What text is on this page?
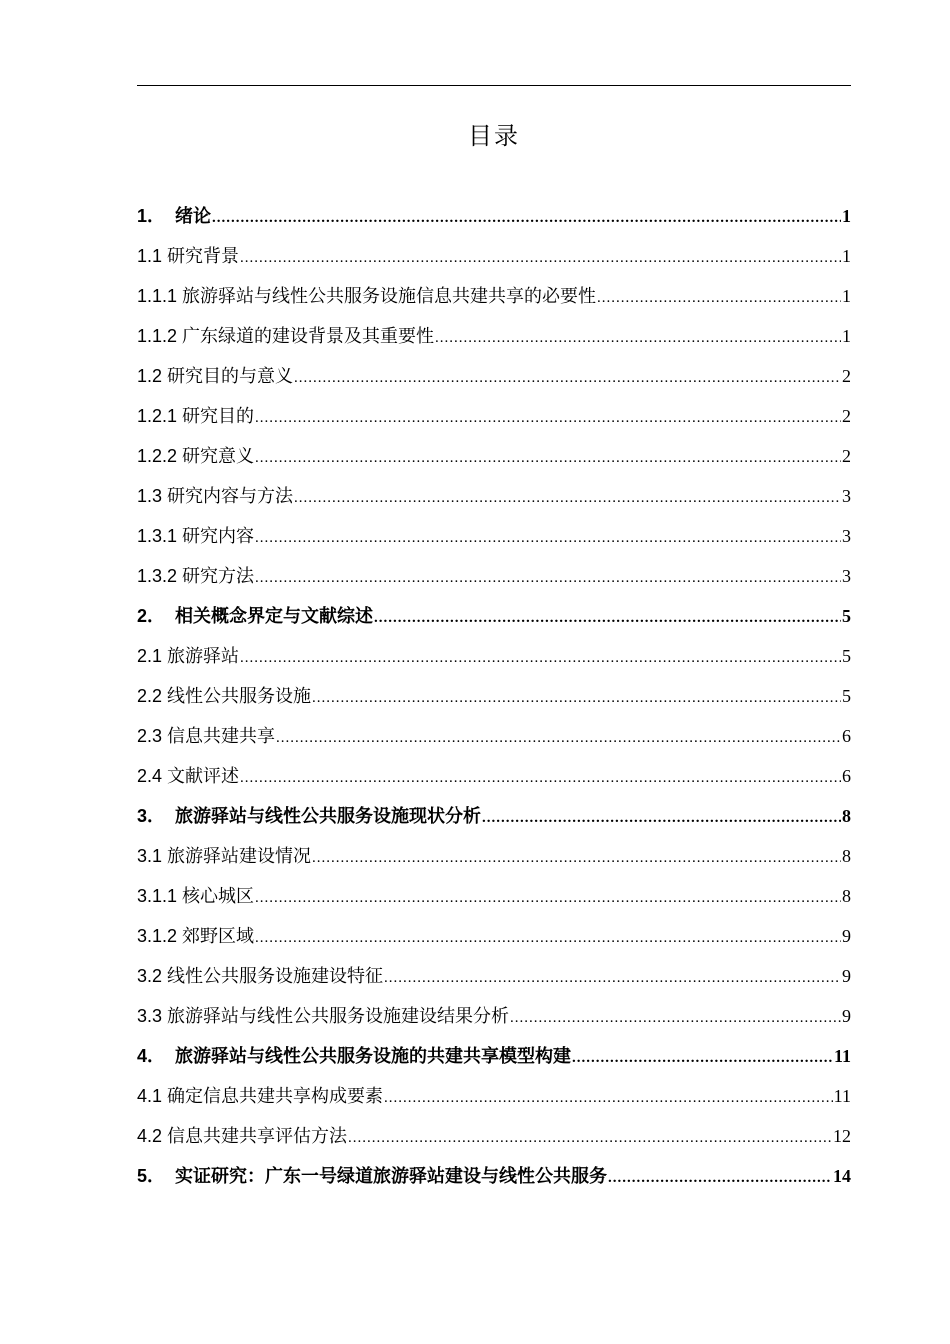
目录
1． 绪论 .....	1
1.1 研究背景 .....	1
1.1.1 旅游驿站与线性公共服务设施信息共建共享的必要性 .....	1
1.1.2 广东绿道的建设背景及其重要性 .....	1
1.2 研究目的与意义 .....	2
1.2.1 研究目的 .....	2
1.2.2 研究意义 .....	2
1.3 研究内容与方法 .....	3
1.3.1 研究内容 .....	3
1.3.2 研究方法 .....	3
2． 相关概念界定与文献综述 .....	5
2.1 旅游驿站 .....	5
2.2 线性公共服务设施 .....	5
2.3 信息共建共享 .....	6
2.4 文献评述 .....	6
3． 旅游驿站与线性公共服务设施现状分析 .....	8
3.1 旅游驿站建设情况 .....	8
3.1.1 核心城区 .....	8
3.1.2 郊野区域 .....	9
3.2 线性公共服务设施建设特征 .....	9
3.3 旅游驿站与线性公共服务设施建设结果分析 .....	9
4． 旅游驿站与线性公共服务设施的共建共享模型构建 .....	11
4.1 确定信息共建共享构成要素 .....	11
4.2 信息共建共享评估方法 .....	12
5． 实证研究：广东一号绿道旅游驿站建设与线性公共服务 .....	14
